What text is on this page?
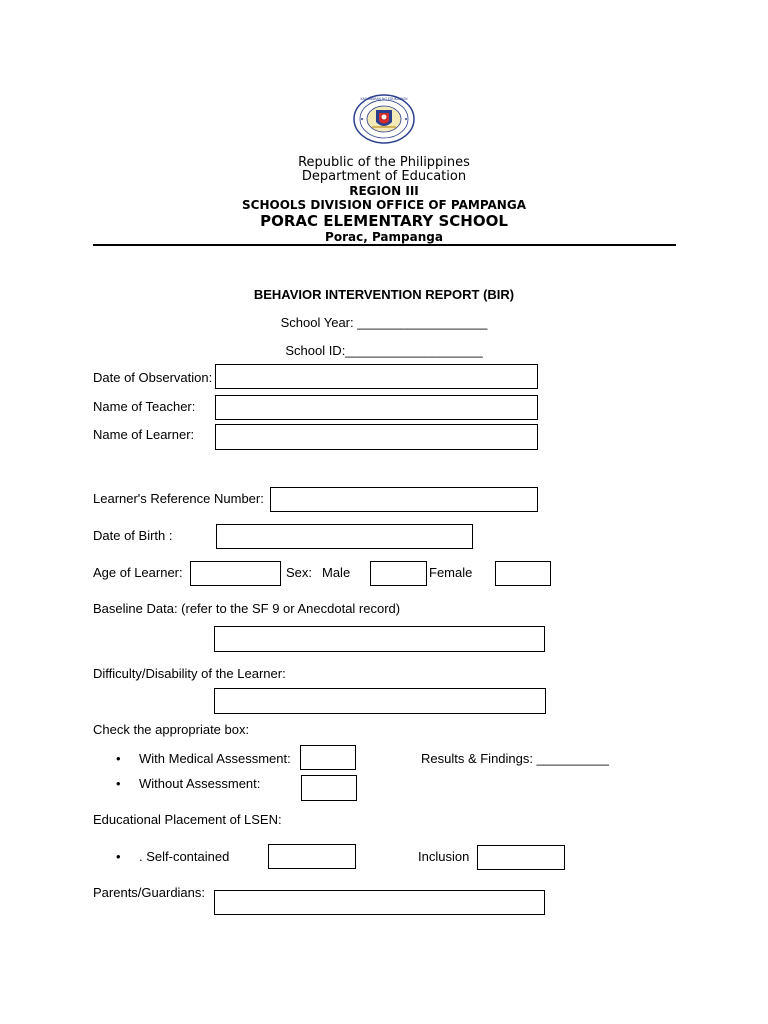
KAGAWARAN NG EDUKASYON
Republic of the Philippines
Department of Education
REGION III
SCHOOLS DIVISION OFFICE OF PAMPANGA
PORAC ELEMENTARY SCHOOL
Porac, Pampanga
BEHAVIOR INTERVENTION REPORT (BIR)
School Year: __________________
School ID:___________________
Date of Observation:
Name of Teacher:
Name of Learner:
Learner's Reference Number:
Date of Birth :
Age of Learner:	Sex: Male	Female
Baseline Data: (refer to the SF 9 or Anecdotal record)
Difficulty/Disability of the Learner:
Check the appropriate box:
• With Medical Assessment:	Results & Findings: __________
• Without Assessment:
Educational Placement of LSEN:
• . Self-contained	Inclusion
Parents/Guardians:
